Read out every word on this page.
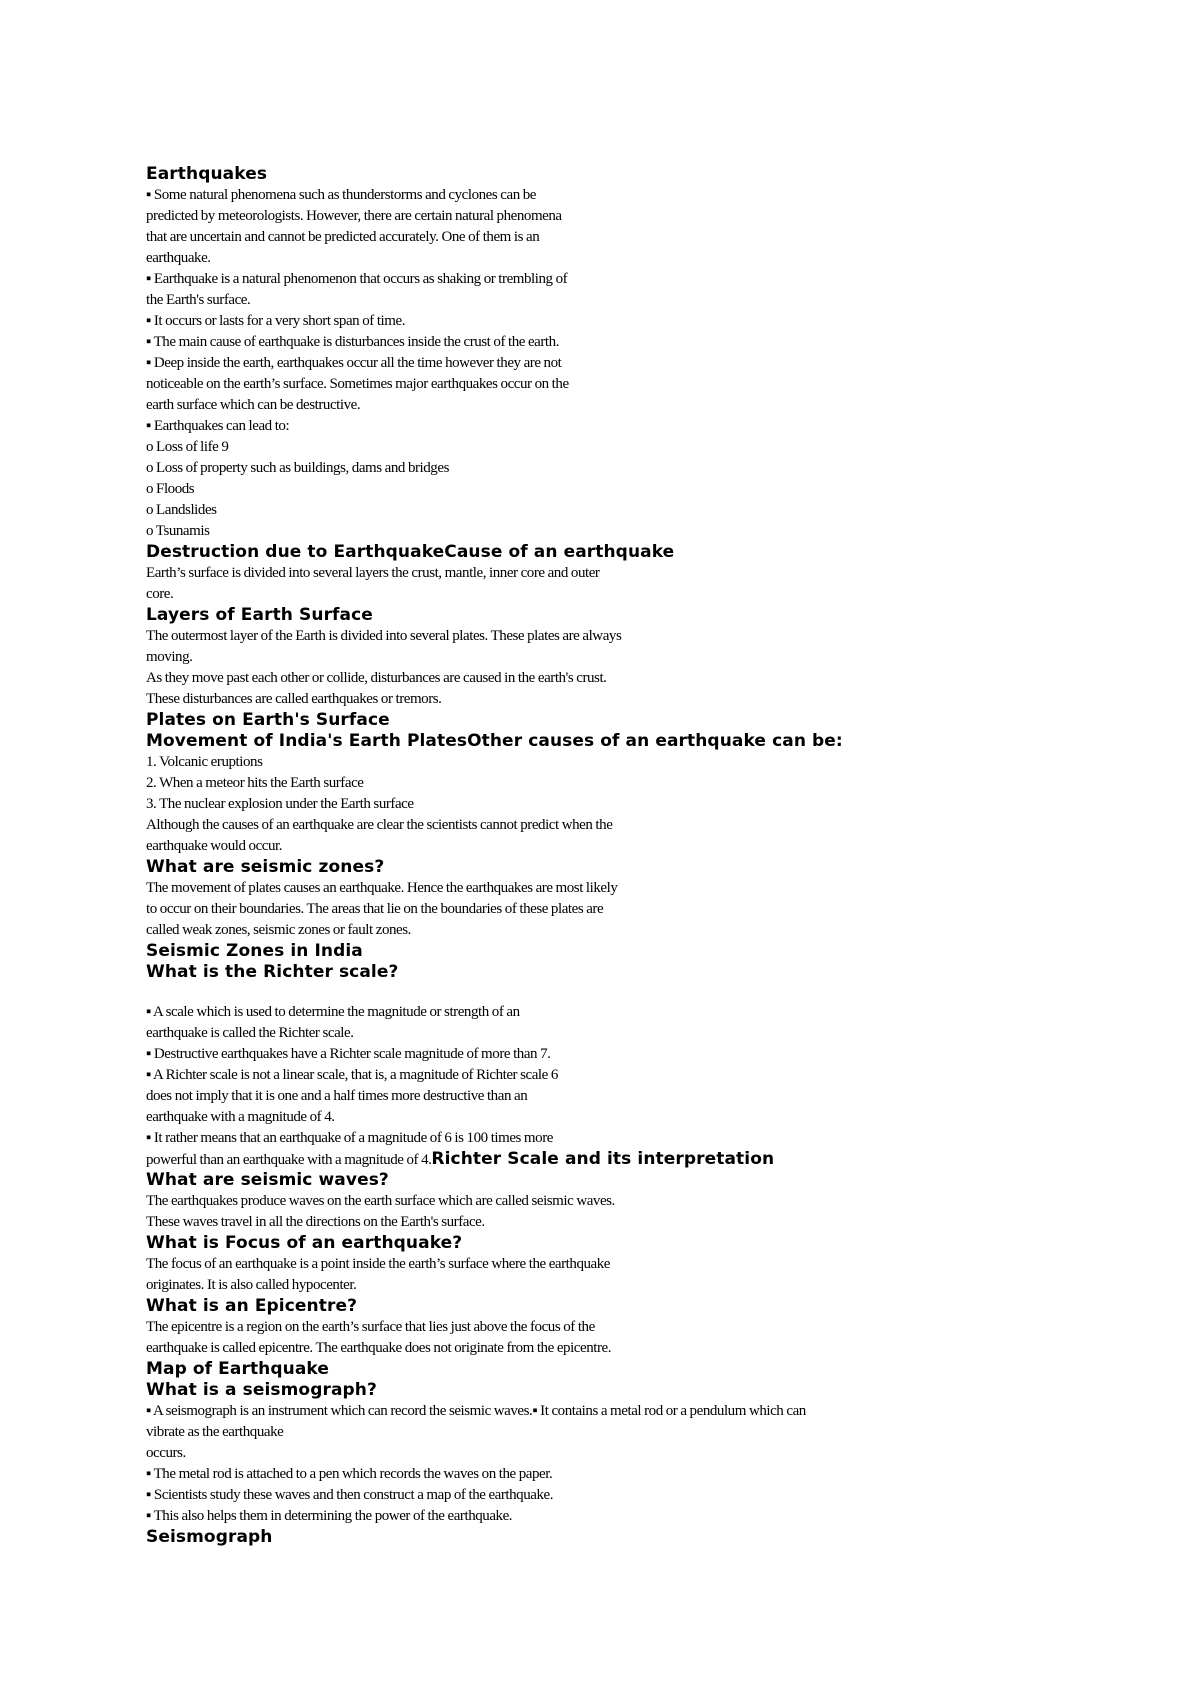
Earthquakes
▪ Some natural phenomena such as thunderstorms and cyclones can be
predicted by meteorologists. However, there are certain natural phenomena
that are uncertain and cannot be predicted accurately. One of them is an
earthquake.
▪ Earthquake is a natural phenomenon that occurs as shaking or trembling of
the Earth's surface.
▪ It occurs or lasts for a very short span of time.
▪ The main cause of earthquake is disturbances inside the crust of the earth.
▪ Deep inside the earth, earthquakes occur all the time however they are not
noticeable on the earth’s surface. Sometimes major earthquakes occur on the
earth surface which can be destructive.
▪ Earthquakes can lead to:
o Loss of life 9
o Loss of property such as buildings, dams and bridges
o Floods
o Landslides
o Tsunamis
Destruction due to EarthquakeCause of an earthquake
Earth’s surface is divided into several layers the crust, mantle, inner core and outer
core.
Layers of Earth Surface
The outermost layer of the Earth is divided into several plates. These plates are always
moving.
As they move past each other or collide, disturbances are caused in the earth's crust.
These disturbances are called earthquakes or tremors.
Plates on Earth's Surface
Movement of India's Earth PlatesOther causes of an earthquake can be:
1. Volcanic eruptions
2. When a meteor hits the Earth surface
3. The nuclear explosion under the Earth surface
Although the causes of an earthquake are clear the scientists cannot predict when the
earthquake would occur.
What are seismic zones?
The movement of plates causes an earthquake. Hence the earthquakes are most likely
to occur on their boundaries. The areas that lie on the boundaries of these plates are
called weak zones, seismic zones or fault zones.
Seismic Zones in India
What is the Richter scale?
▪ A scale which is used to determine the magnitude or strength of an
earthquake is called the Richter scale.
▪ Destructive earthquakes have a Richter scale magnitude of more than 7.
▪ A Richter scale is not a linear scale, that is, a magnitude of Richter scale 6
does not imply that it is one and a half times more destructive than an
earthquake with a magnitude of 4.
▪ It rather means that an earthquake of a magnitude of 6 is 100 times more
powerful than an earthquake with a magnitude of 4.Richter Scale and its interpretation
What are seismic waves?
The earthquakes produce waves on the earth surface which are called seismic waves.
These waves travel in all the directions on the Earth's surface.
What is Focus of an earthquake?
The focus of an earthquake is a point inside the earth’s surface where the earthquake
originates. It is also called hypocenter.
What is an Epicentre?
The epicentre is a region on the earth’s surface that lies just above the focus of the
earthquake is called epicentre. The earthquake does not originate from the epicentre.
Map of Earthquake
What is a seismograph?
▪ A seismograph is an instrument which can record the seismic waves.▪ It contains a metal rod or a pendulum which can
vibrate as the earthquake
occurs.
▪ The metal rod is attached to a pen which records the waves on the paper.
▪ Scientists study these waves and then construct a map of the earthquake.
▪ This also helps them in determining the power of the earthquake.
Seismograph
